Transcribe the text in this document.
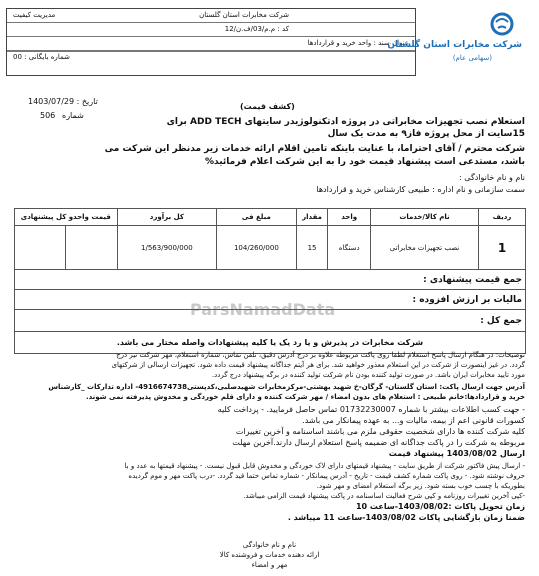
شرکت مخابرات استان گلستان
مدیریت کیفیت
کد : م.م/03/ف.ن/12
عنوان سند : واحد خرید و قراردادها
شماره بایگانی : 00
شرکت مخابرات استان گلستان
(سهامی عام)
تاریخ : 1403/07/29
506 شماره
(کشف قیمت)
استعلام نصب تجهیزات مخابراتی در پروژه ادتکنولوژیدر سایتهای ADD TECH برای 15سایت از محل پروژه فاز۹ به مدت یک سال
شرکت محترم / آقای احتراما، با عنایت باینکه تامین اقلام ارائه خدمات زیر مدنظر این شرکت می
باشد، مستدعی است پیشنهاد قیمت خود را به این شرکت اعلام فرمائید%
نام و نام خانوادگی :
سمت سازمانی و نام اداره : طبیعی کارشناس خرید و قراردادها
ParsNamadData
ردیف	نام کالا/خدمات	واحد	مقدار	مبلغ فی	کل برآورد	قیمت واحدو کل پیشنهادی	
1	نصب تجهیزات مخابراتی	دستگاه	15	104/260/000	1/563/900/000		
جمع قیمت پیشنهادی :							
مالیات بر ارزش افزوده :							
جمع کل :							
شرکت مخابرات در پذیرش و یا رد یک یا کلیه پیشنهادات واصله مختار می باشد.							
توضیحات: در هنگام ارسال پاسخ استعلام لطفا روی پاکت مربوطه علاوه بر درج آدرس دقیق، تلفن تماس، شماره استعلام، مهر شرکت نیز درج
گردد. در غیر اینصورت از شرکت در این استعلام معذور خواهید شد. برای هر آیتم جداگانه پیشنهاد قیمت داده شود. تجهیزات ارسالی از شرکتهای
مورد تایید مخابرات ایران باشد. در صورت تولید کننده بودن نام شرکت تولید کننده در برگه پیشنهاد درج گردد.
آدرس جهت ارسال پاکت: استان گلستان- گرگان-خ شهید بهشتی-مرکزمخابرات شهیدصلبی،کدپستی4916674738- اداره تدارکات _کارشناس
خرید و قراردادها:خانم طبیعی : استعلام های بدون امضاء / مهر شرکت کننده و دارای قلم خوردگی و مخدوش پذیرفته نمی شوند.
- جهت کسب اطلاعات بیشتر با شماره 01732230007 تماس حاصل فرمایید. - پرداخت کلیه
کسورات قانونی اعم از بیمه، مالیات و... به عهده پیمانکار می باشد.
کلیه شرکت کننده ها دارای شخصیت حقوقی ملزم می باشند اساسنامه و آخرین تغییرات
مربوطه به شرکت را در پاکت جداگانه ای ضمیمه پاسخ استعلام ارسال دارند.آخرین مهلت
ارسال 1403/08/02 پیشنهاد قیمت
- ارسال پیش فاکتور شرکت از طریق سایت - پیشنهاد قیمتهای دارای لاک خوردگی و مخدوش قابل قبول نیست. - پیشنهاد قیمتها به عدد و با
حروف نوشته شود. - روی پاکت شماره کشف قیمت - تاریخ - آدرس پیمانکار - شماره تماس حتما قید گردد. -درب پاکت مهر و موم گردیده
بطوریکه با چسب خوب بسته شود. زیر برگه استعلام امضای و مهر شود.
-کپی آخرین تغییرات روزنامه و کپی شرح فعالیت اساسنامه در پاکت پیشنهاد قیمت الزامی میباشد.
زمان تحویل پاکات :1403/08/02-ساعت 10
ضمنا زمان بازگشایی پاکات 1403/08/02-ساعت 11 میباشد .
نام و نام خانوادگی
ارائه دهنده خدمات و فروشنده کالا
مهر و امضاء
